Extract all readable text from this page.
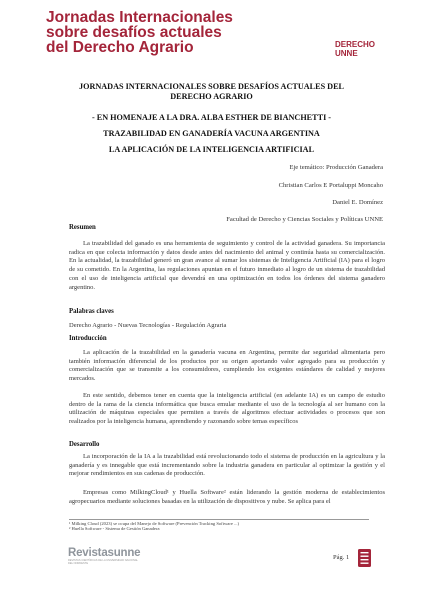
Jornadas Internacionales
sobre desafíos actuales
del Derecho Agrario	DERECHO
UNNE
JORNADAS INTERNACIONALES SOBRE DESAFÍOS ACTUALES DEL
DERECHO AGRARIO
- EN HOMENAJE A LA DRA. ALBA ESTHER DE BIANCHETTI -
TRAZABILIDAD EN GANADERÍA VACUNA ARGENTINA
LA APLICACIÓN DE LA INTELIGENCIA ARTIFICIAL
Eje temático: Producción Ganadera
Christian Carlos E Portaluppi Moncaho
Daniel E. Domínez
Facultad de Derecho y Ciencias Sociales y Políticas UNNE
Resumen

La trazabilidad del ganado es una herramienta de seguimiento y control de la actividad ganadera. Su importancia radica en que colecta información y datos desde antes del nacimiento del animal y continúa hasta su comercialización. En la actualidad, la trazabilidad generó un gran avance al sumar los sistemas de Inteligencia Artificial (IA) para el logro de su cometido. En la Argentina, las regulaciones apuntan en el futuro inmediato al logro de un sistema de trazabilidad con el uso de inteligencia artificial que devendrá en una optimización en todos los órdenes del sistema ganadero argentino.

Palabras claves

Derecho Agrario - Nuevas Tecnologías - Regulación Agraria

Introducción

La aplicación de la trazabilidad en la ganadería vacuna en Argentina, permite dar seguridad alimentaria pero también información diferencial de los productos por su origen aportando valor agregado para su producción y comercialización que se transmite a los consumidores, cumpliendo los exigentes estándares de calidad y mejores mercados.

En este sentido, debemos tener en cuenta que la inteligencia artificial (en adelante IA) es un campo de estudio dentro de la rama de la ciencia informática que busca emular mediante el uso de la tecnología al ser humano con la utilización de máquinas especiales que permiten a través de algoritmos efectuar actividades o procesos que son realizados por la inteligencia humana, aprendiendo y razonando sobre temas específicos

Desarrollo

La incorporación de la IA a la trazabilidad está revolucionando todo el sistema de producción en la agricultura y la ganadería y es innegable que está incrementando sobre la industria ganadera en particular al optimizar la gestión y el mejorar rendimientos en sus cadenas de producción.

Empresas como MilkingCloud¹ y Huella Software² están liderando la gestión moderna de establecimientos agropecuarios mediante soluciones basadas en la utilización de dispositivos y nube. Se aplica para el

¹ Milking Cloud (2023) se ocupa del Manejo de Software (Prevención Tracking Software ...)
² Huella Software - Sistema de Gestión Ganadera
Revistasunne
REVISTAS CIENTÍFICAS DE LA UNIVERSIDAD NACIONAL DEL NORDESTE
Pág. 1
